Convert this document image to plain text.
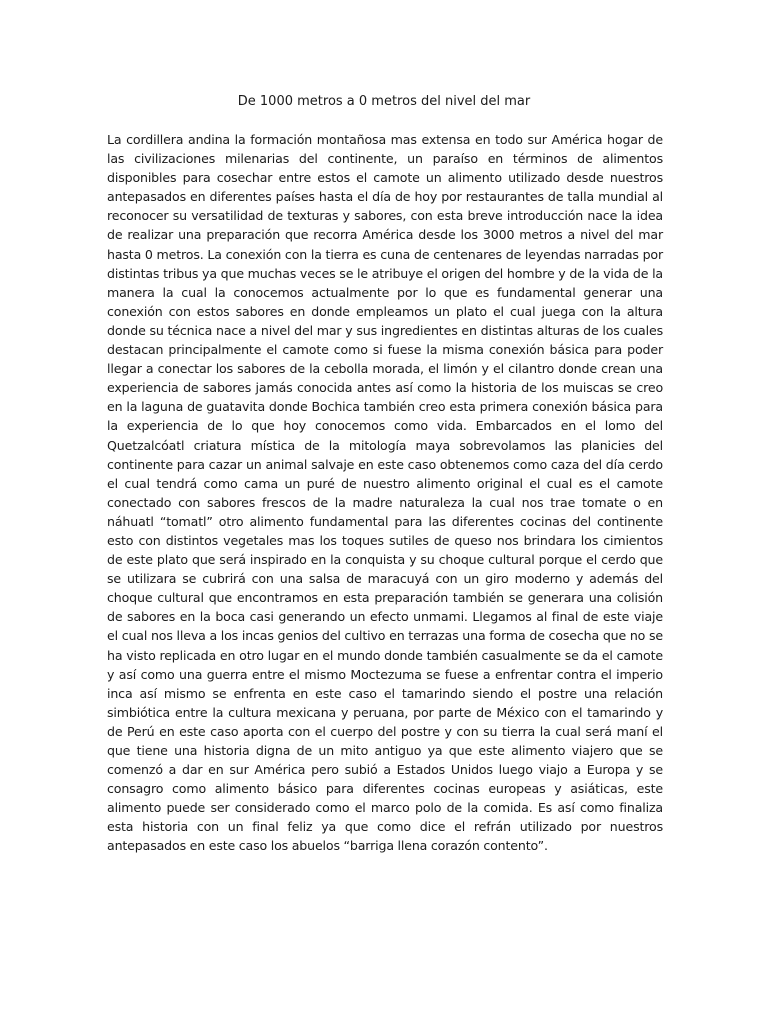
De 1000 metros a 0 metros del nivel del mar

La cordillera andina la formación montañosa mas extensa en todo sur América hogar de las civilizaciones milenarias del continente, un paraíso en términos de alimentos disponibles para cosechar entre estos el camote un alimento utilizado desde nuestros antepasados en diferentes países hasta el día de hoy por restaurantes de talla mundial al reconocer su versatilidad de texturas y sabores, con esta breve introducción nace la idea de realizar una preparación que recorra América desde los 3000 metros a nivel del mar hasta 0 metros. La conexión con la tierra es cuna de centenares de leyendas narradas por distintas tribus ya que muchas veces se le atribuye el origen del hombre y de la vida de la manera la cual la conocemos actualmente por lo que es fundamental generar una conexión con estos sabores en donde empleamos un plato el cual juega con la altura donde su técnica nace a nivel del mar y sus ingredientes en distintas alturas de los cuales destacan principalmente el camote como si fuese la misma conexión básica para poder llegar a conectar los sabores de la cebolla morada, el limón y el cilantro donde crean una experiencia de sabores jamás conocida antes así como la historia de los muiscas se creo en la laguna de guatavita donde Bochica también creo esta primera conexión básica para la experiencia de lo que hoy conocemos como vida. Embarcados en el lomo del Quetzalcóatl criatura mística de la mitología maya sobrevolamos las planicies del continente para cazar un animal salvaje en este caso obtenemos como caza del día cerdo el cual tendrá como cama un puré de nuestro alimento original el cual es el camote conectado con sabores frescos de la madre naturaleza la cual nos trae tomate o en náhuatl “tomatl” otro alimento fundamental para las diferentes cocinas del continente esto con distintos vegetales mas los toques sutiles de queso nos brindara los cimientos de este plato que será inspirado en la conquista y su choque cultural porque el cerdo que se utilizara se cubrirá con una salsa de maracuyá con un giro moderno y además del choque cultural que encontramos en esta preparación también se generara una colisión de sabores en la boca casi generando un efecto unmami. Llegamos al final de este viaje el cual nos lleva a los incas genios del cultivo en terrazas una forma de cosecha que no se ha visto replicada en otro lugar en el mundo donde también casualmente se da el camote y así como una guerra entre el mismo Moctezuma se fuese a enfrentar contra el imperio inca así mismo se enfrenta en este caso el tamarindo siendo el postre una relación simbiótica entre la cultura mexicana y peruana, por parte de México con el tamarindo y de Perú en este caso aporta con el cuerpo del postre y con su tierra la cual será maní el que tiene una historia digna de un mito antiguo ya que este alimento viajero que se comenzó a dar en sur América pero subió a Estados Unidos luego viajo a Europa y se consagro como alimento básico para diferentes cocinas europeas y asiáticas, este alimento puede ser considerado como el marco polo de la comida. Es así como finaliza esta historia con un final feliz ya que como dice el refrán utilizado por nuestros antepasados en este caso los abuelos “barriga llena corazón contento”.
